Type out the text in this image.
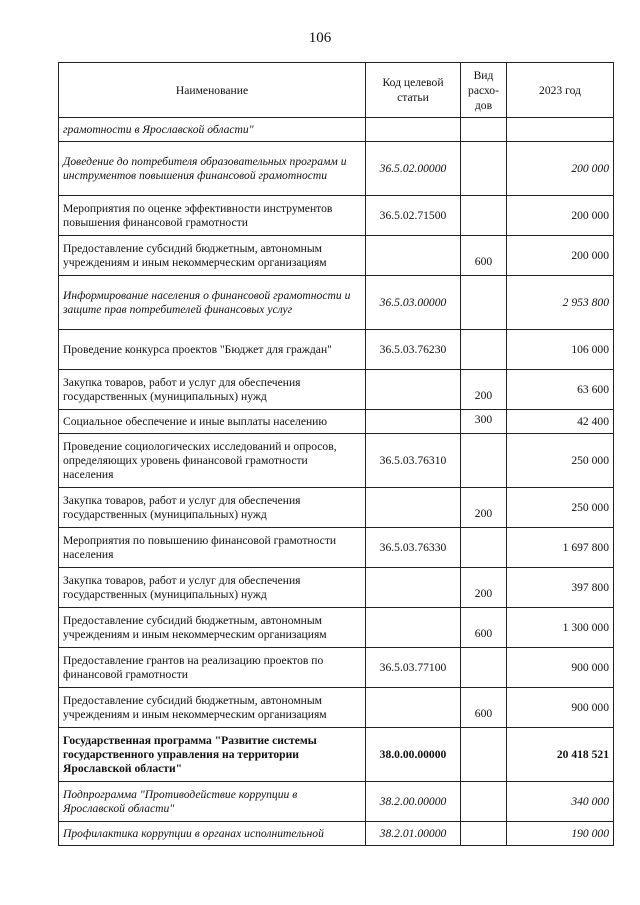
106
Наименование	Код целевой статьи	Вид расхо-дов	2023 год
грамотности в Ярославской области"			
Доведение до потребителя образовательных программ и инструментов повышения финансовой грамотности	36.5.02.00000		200 000
Мероприятия по оценке эффективности инструментов повышения финансовой грамотности	36.5.02.71500		200 000
Предоставление субсидий бюджетным, автономным учреждениям и иным некоммерческим организациям		600	200 000
Информирование населения о финансовой грамотности и защите прав потребителей финансовых услуг	36.5.03.00000		2 953 800
Проведение конкурса проектов "Бюджет для граждан"	36.5.03.76230		106 000
Закупка товаров, работ и услуг для обеспечения государственных (муниципальных) нужд		200	63 600
Социальное обеспечение и иные выплаты населению		300	42 400
Проведение социологических исследований и опросов, определяющих уровень финансовой грамотности населения	36.5.03.76310		250 000
Закупка товаров, работ и услуг для обеспечения государственных (муниципальных) нужд		200	250 000
Мероприятия по повышению финансовой грамотности населения	36.5.03.76330		1 697 800
Закупка товаров, работ и услуг для обеспечения государственных (муниципальных) нужд		200	397 800
Предоставление субсидий бюджетным, автономным учреждениям и иным некоммерческим организациям		600	1 300 000
Предоставление грантов на реализацию проектов по финансовой грамотности	36.5.03.77100		900 000
Предоставление субсидий бюджетным, автономным учреждениям и иным некоммерческим организациям		600	900 000
Государственная программа "Развитие системы государственного управления на территории Ярославской области"	38.0.00.00000		20 418 521
Подпрограмма "Противодействие коррупции в Ярославской области"	38.2.00.00000		340 000
Профилактика коррупции в органах исполнительной	38.2.01.00000		190 000
